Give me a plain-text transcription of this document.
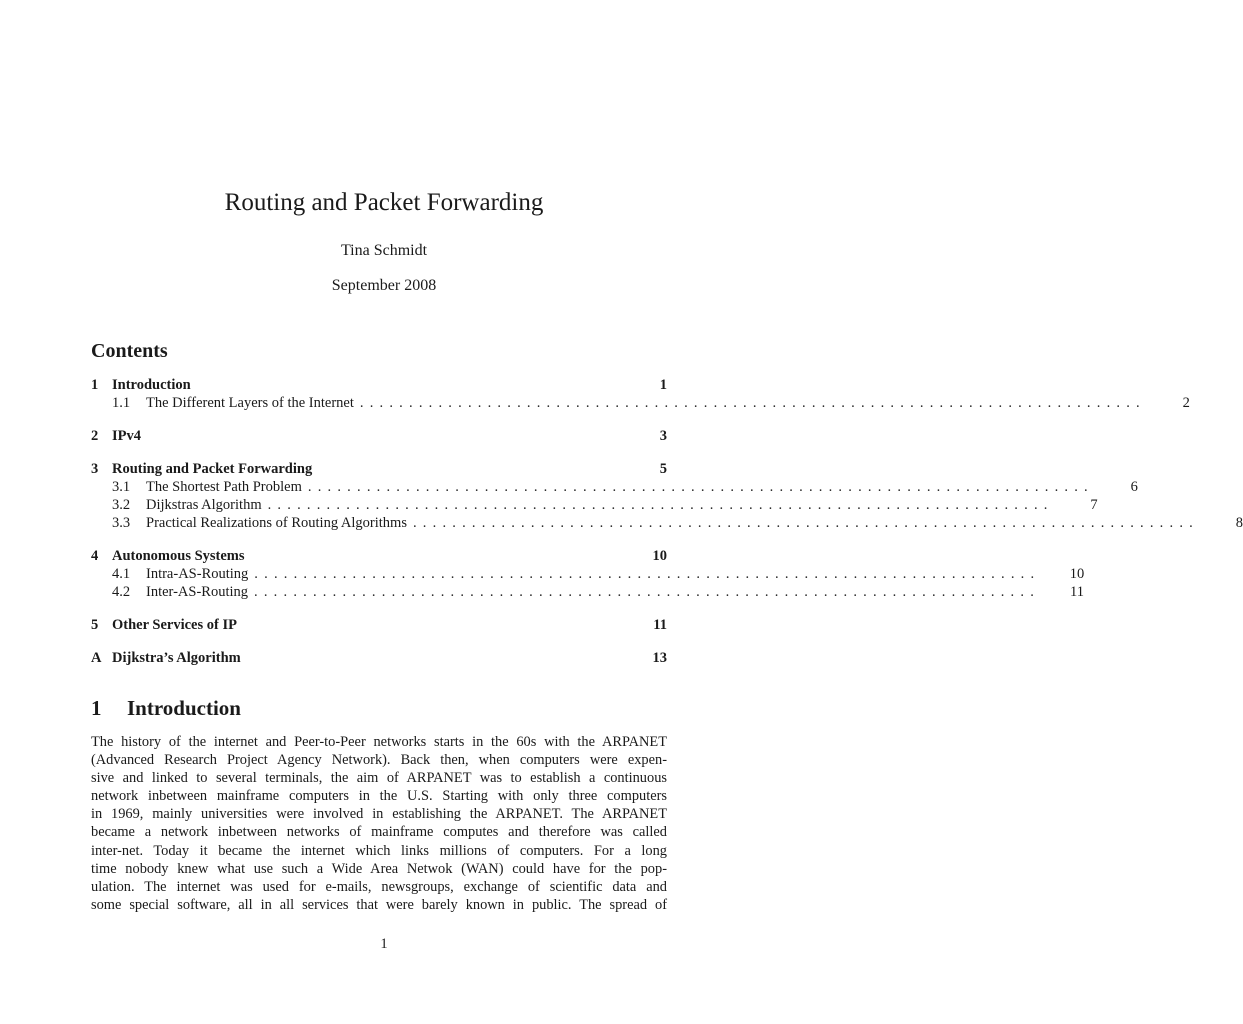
Routing and Packet Forwarding
Tina Schmidt
September 2008
Contents
1 Introduction	1
1.1	The Different Layers of the Internet ................................................................................	2
2 IPv4	3
3 Routing and Packet Forwarding	5
3.1	The Shortest Path Problem ................................................................................	6
3.2	Dijkstras Algorithm ................................................................................	7
3.3	Practical Realizations of Routing Algorithms ................................................................................	8
4 Autonomous Systems	10
4.1	Intra-AS-Routing ................................................................................ 10
4.2	Inter-AS-Routing ................................................................................ 11
5 Other Services of IP	11
A Dijkstra’s Algorithm	13
1	Introduction
The history of the internet and Peer-to-Peer networks starts in the 60s with the ARPANET
(Advanced Research Project Agency Network). Back then, when computers were expen-
sive and linked to several terminals, the aim of ARPANET was to establish a continuous
network inbetween mainframe computers in the U.S. Starting with only three computers
in 1969, mainly universities were involved in establishing the ARPANET. The ARPANET
became a network inbetween networks of mainframe computes and therefore was called
inter-net. Today it became the internet which links millions of computers. For a long
time nobody knew what use such a Wide Area Netwok (WAN) could have for the pop-
ulation. The internet was used for e-mails, newsgroups, exchange of scientific data and
some special software, all in all services that were barely known in public. The spread of
1
